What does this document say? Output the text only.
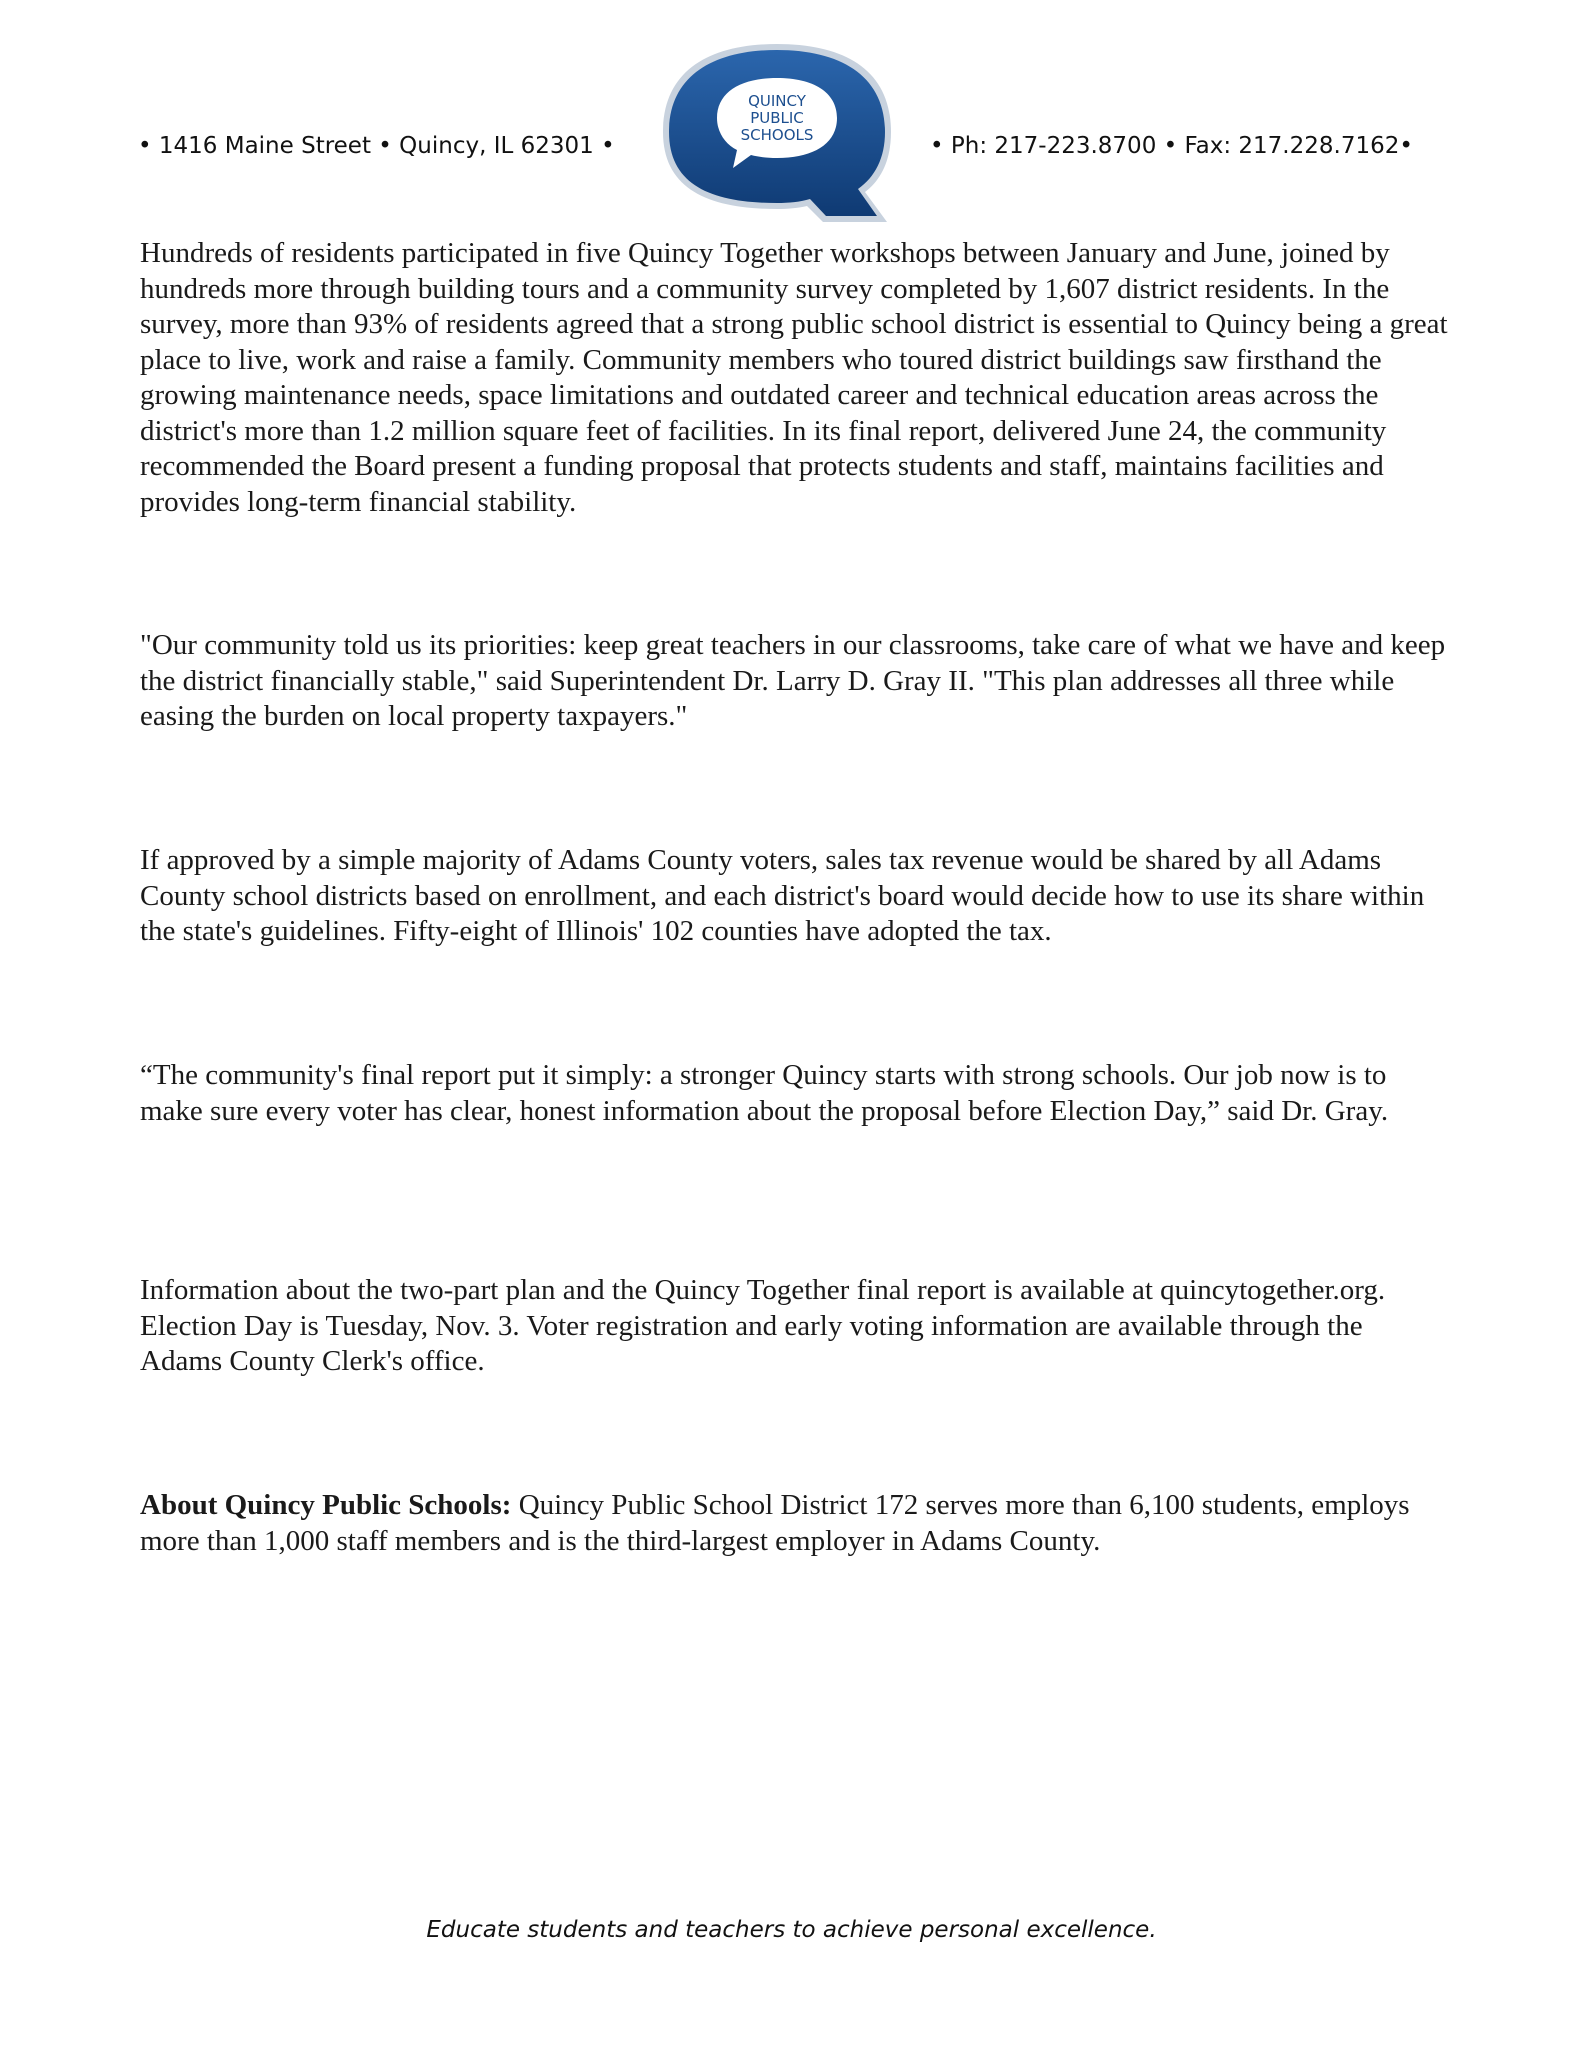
• 1416 Maine Street • Quincy, IL 62301 •
QUINCY
PUBLIC
SCHOOLS	• Ph: 217-223.8700 • Fax: 217.228.7162•

Hundreds of residents participated in five Quincy Together workshops between January and June, joined by hundreds more through building tours and a community survey completed by 1,607 district residents. In the survey, more than 93% of residents agreed that a strong public school district is essential to Quincy being a great place to live, work and raise a family. Community members who toured district buildings saw firsthand the growing maintenance needs, space limitations and outdated career and technical education areas across the district's more than 1.2 million square feet of facilities. In its final report, delivered June 24, the community recommended the Board present a funding proposal that protects students and staff, maintains facilities and provides long-term financial stability.

"Our community told us its priorities: keep great teachers in our classrooms, take care of what we have and keep the district financially stable," said Superintendent Dr. Larry D. Gray II. "This plan addresses all three while easing the burden on local property taxpayers."

If approved by a simple majority of Adams County voters, sales tax revenue would be shared by all Adams County school districts based on enrollment, and each district's board would decide how to use its share within the state's guidelines. Fifty-eight of Illinois' 102 counties have adopted the tax.

“The community's final report put it simply: a stronger Quincy starts with strong schools. Our job now is to make sure every voter has clear, honest information about the proposal before Election Day,” said Dr. Gray.

Information about the two-part plan and the Quincy Together final report is available at quincytogether.org. Election Day is Tuesday, Nov. 3. Voter registration and early voting information are available through the Adams County Clerk's office.

About Quincy Public Schools: Quincy Public School District 172 serves more than 6,100 students, employs more than 1,000 staff members and is the third-largest employer in Adams County.

Educate students and teachers to achieve personal excellence.
